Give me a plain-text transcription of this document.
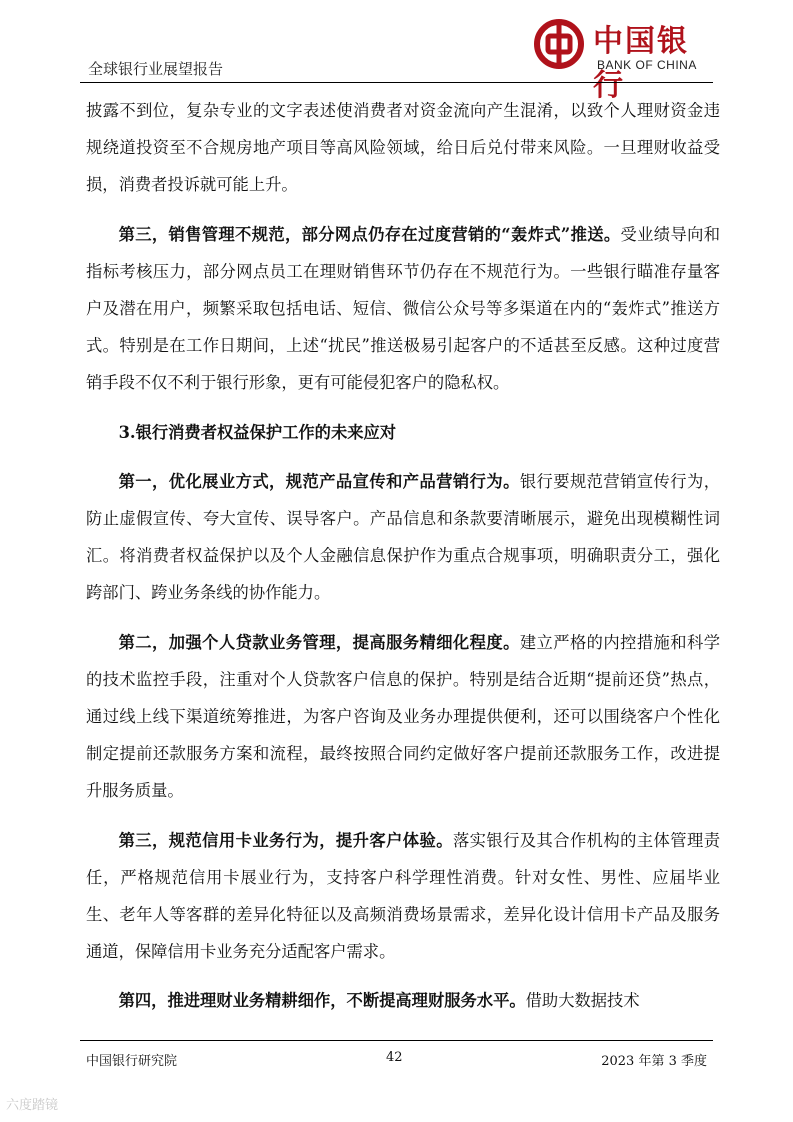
全球银行业展望报告
中国银行
BANK OF CHINA

披露不到位，复杂专业的文字表述使消费者对资金流向产生混淆，以致个人理财资金违规绕道投资至不合规房地产项目等高风险领域，给日后兑付带来风险。一旦理财收益受损，消费者投诉就可能上升。

第三，销售管理不规范，部分网点仍存在过度营销的“轰炸式”推送。受业绩导向和指标考核压力，部分网点员工在理财销售环节仍存在不规范行为。一些银行瞄准存量客户及潜在用户，频繁采取包括电话、短信、微信公众号等多渠道在内的“轰炸式”推送方式。特别是在工作日期间，上述“扰民”推送极易引起客户的不适甚至反感。这种过度营销手段不仅不利于银行形象，更有可能侵犯客户的隐私权。

3.银行消费者权益保护工作的未来应对

第一，优化展业方式，规范产品宣传和产品营销行为。银行要规范营销宣传行为，防止虚假宣传、夸大宣传、误导客户。产品信息和条款要清晰展示，避免出现模糊性词汇。将消费者权益保护以及个人金融信息保护作为重点合规事项，明确职责分工，强化跨部门、跨业务条线的协作能力。

第二，加强个人贷款业务管理，提高服务精细化程度。建立严格的内控措施和科学的技术监控手段，注重对个人贷款客户信息的保护。特别是结合近期“提前还贷”热点，通过线上线下渠道统筹推进，为客户咨询及业务办理提供便利，还可以围绕客户个性化制定提前还款服务方案和流程，最终按照合同约定做好客户提前还款服务工作，改进提升服务质量。

第三，规范信用卡业务行为，提升客户体验。落实银行及其合作机构的主体管理责任，严格规范信用卡展业行为，支持客户科学理性消费。针对女性、男性、应届毕业生、老年人等客群的差异化特征以及高频消费场景需求，差异化设计信用卡产品及服务通道，保障信用卡业务充分适配客户需求。

第四，推进理财业务精耕细作，不断提高理财服务水平。借助大数据技术

中国银行研究院	42	2023 年第 3 季度
六度踏镜
